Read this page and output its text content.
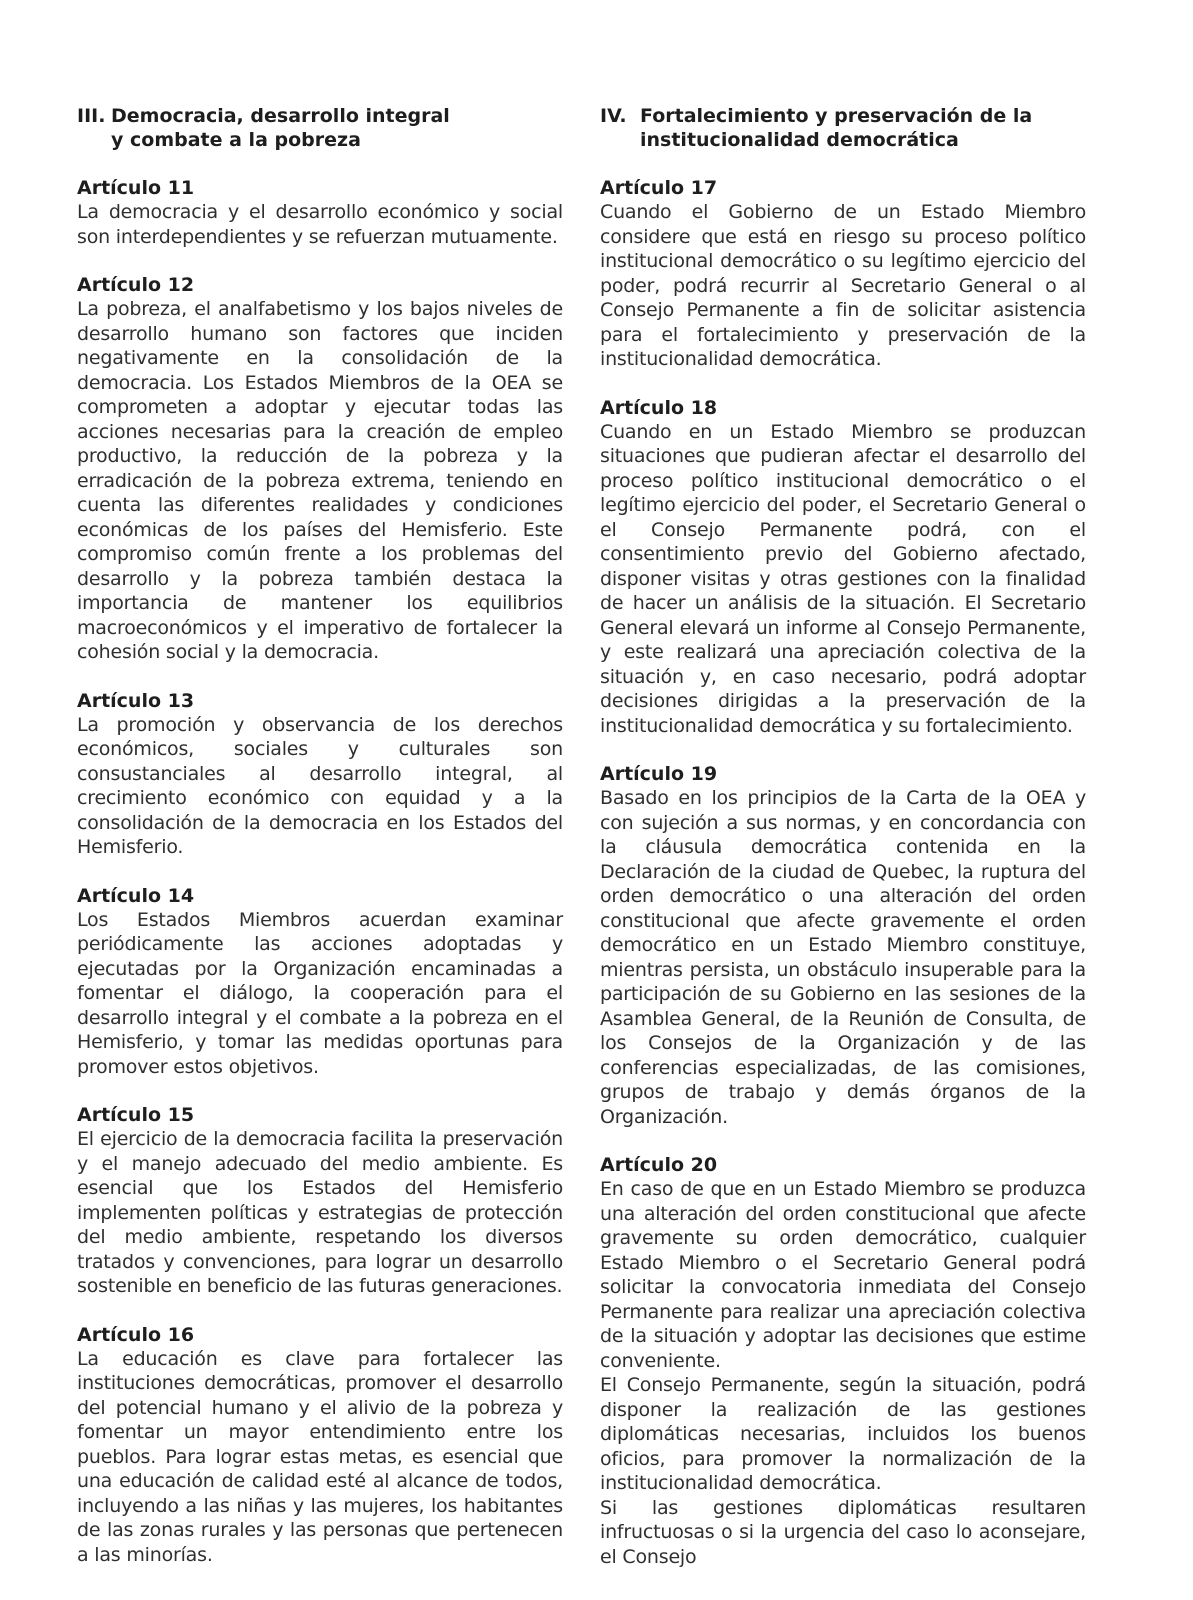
III. Democracia, desarrollo integral
y combate a la pobreza
Artículo 11

La democracia y el desarrollo económico y social son interdependientes y se refuerzan mutuamente.

Artículo 12

La pobreza, el analfabetismo y los bajos niveles de desarrollo humano son factores que inciden negativamente en la consolidación de la democracia. Los Estados Miembros de la OEA se comprometen a adoptar y ejecutar todas las acciones necesarias para la creación de empleo productivo, la reducción de la pobreza y la erradicación de la pobreza extrema, teniendo en cuenta las diferentes realidades y condiciones económicas de los países del Hemisferio. Este compromiso común frente a los problemas del desarrollo y la pobreza también destaca la importancia de mantener los equilibrios macroeconómicos y el imperativo de fortalecer la cohesión social y la democracia.

Artículo 13

La promoción y observancia de los derechos económicos, sociales y culturales son consustanciales al desarrollo integral, al crecimiento económico con equidad y a la consolidación de la democracia en los Estados del Hemisferio.

Artículo 14

Los Estados Miembros acuerdan examinar periódicamente las acciones adoptadas y ejecutadas por la Organización encaminadas a fomentar el diálogo, la cooperación para el desarrollo integral y el combate a la pobreza en el Hemisferio, y tomar las medidas oportunas para promover estos objetivos.

Artículo 15

El ejercicio de la democracia facilita la preservación y el manejo adecuado del medio ambiente. Es esencial que los Estados del Hemisferio implementen políticas y estrategias de protección del medio ambiente, respetando los diversos tratados y convenciones, para lograr un desarrollo sostenible en beneficio de las futuras generaciones.

Artículo 16

La educación es clave para fortalecer las instituciones democráticas, promover el desarrollo del potencial humano y el alivio de la pobreza y fomentar un mayor entendimiento entre los pueblos. Para lograr estas metas, es esencial que una educación de calidad esté al alcance de todos, incluyendo a las niñas y las mujeres, los habitantes de las zonas rurales y las personas que pertenecen a las minorías.

IV. Fortalecimiento y preservación de la
institucionalidad democrática
Artículo 17

Cuando el Gobierno de un Estado Miembro considere que está en riesgo su proceso político institucional democrático o su legítimo ejercicio del poder, podrá recurrir al Secretario General o al Consejo Permanente a fin de solicitar asistencia para el fortalecimiento y preservación de la institucionalidad democrática.

Artículo 18

Cuando en un Estado Miembro se produzcan situaciones que pudieran afectar el desarrollo del proceso político institucional democrático o el legítimo ejercicio del poder, el Secretario General o el Consejo Permanente podrá, con el consentimiento previo del Gobierno afectado, disponer visitas y otras gestiones con la finalidad de hacer un análisis de la situación. El Secretario General elevará un informe al Consejo Permanente, y este realizará una apreciación colectiva de la situación y, en caso necesario, podrá adoptar decisiones dirigidas a la preservación de la institucionalidad democrática y su fortalecimiento.

Artículo 19

Basado en los principios de la Carta de la OEA y con sujeción a sus normas, y en concordancia con la cláusula democrática contenida en la Declaración de la ciudad de Quebec, la ruptura del orden democrático o una alteración del orden constitucional que afecte gravemente el orden democrático en un Estado Miembro constituye, mientras persista, un obstáculo insuperable para la participación de su Gobierno en las sesiones de la Asamblea General, de la Reunión de Consulta, de los Consejos de la Organización y de las conferencias especializadas, de las comisiones, grupos de trabajo y demás órganos de la Organización.

Artículo 20

En caso de que en un Estado Miembro se produzca una alteración del orden constitucional que afecte gravemente su orden democrático, cualquier Estado Miembro o el Secretario General podrá solicitar la convocatoria inmediata del Consejo Permanente para realizar una apreciación colectiva de la situación y adoptar las decisiones que estime conveniente.

El Consejo Permanente, según la situación, podrá disponer la realización de las gestiones diplomáticas necesarias, incluidos los buenos oficios, para promover la normalización de la institucionalidad democrática.

Si las gestiones diplomáticas resultaren infructuosas o si la urgencia del caso lo aconsejare, el Consejo
